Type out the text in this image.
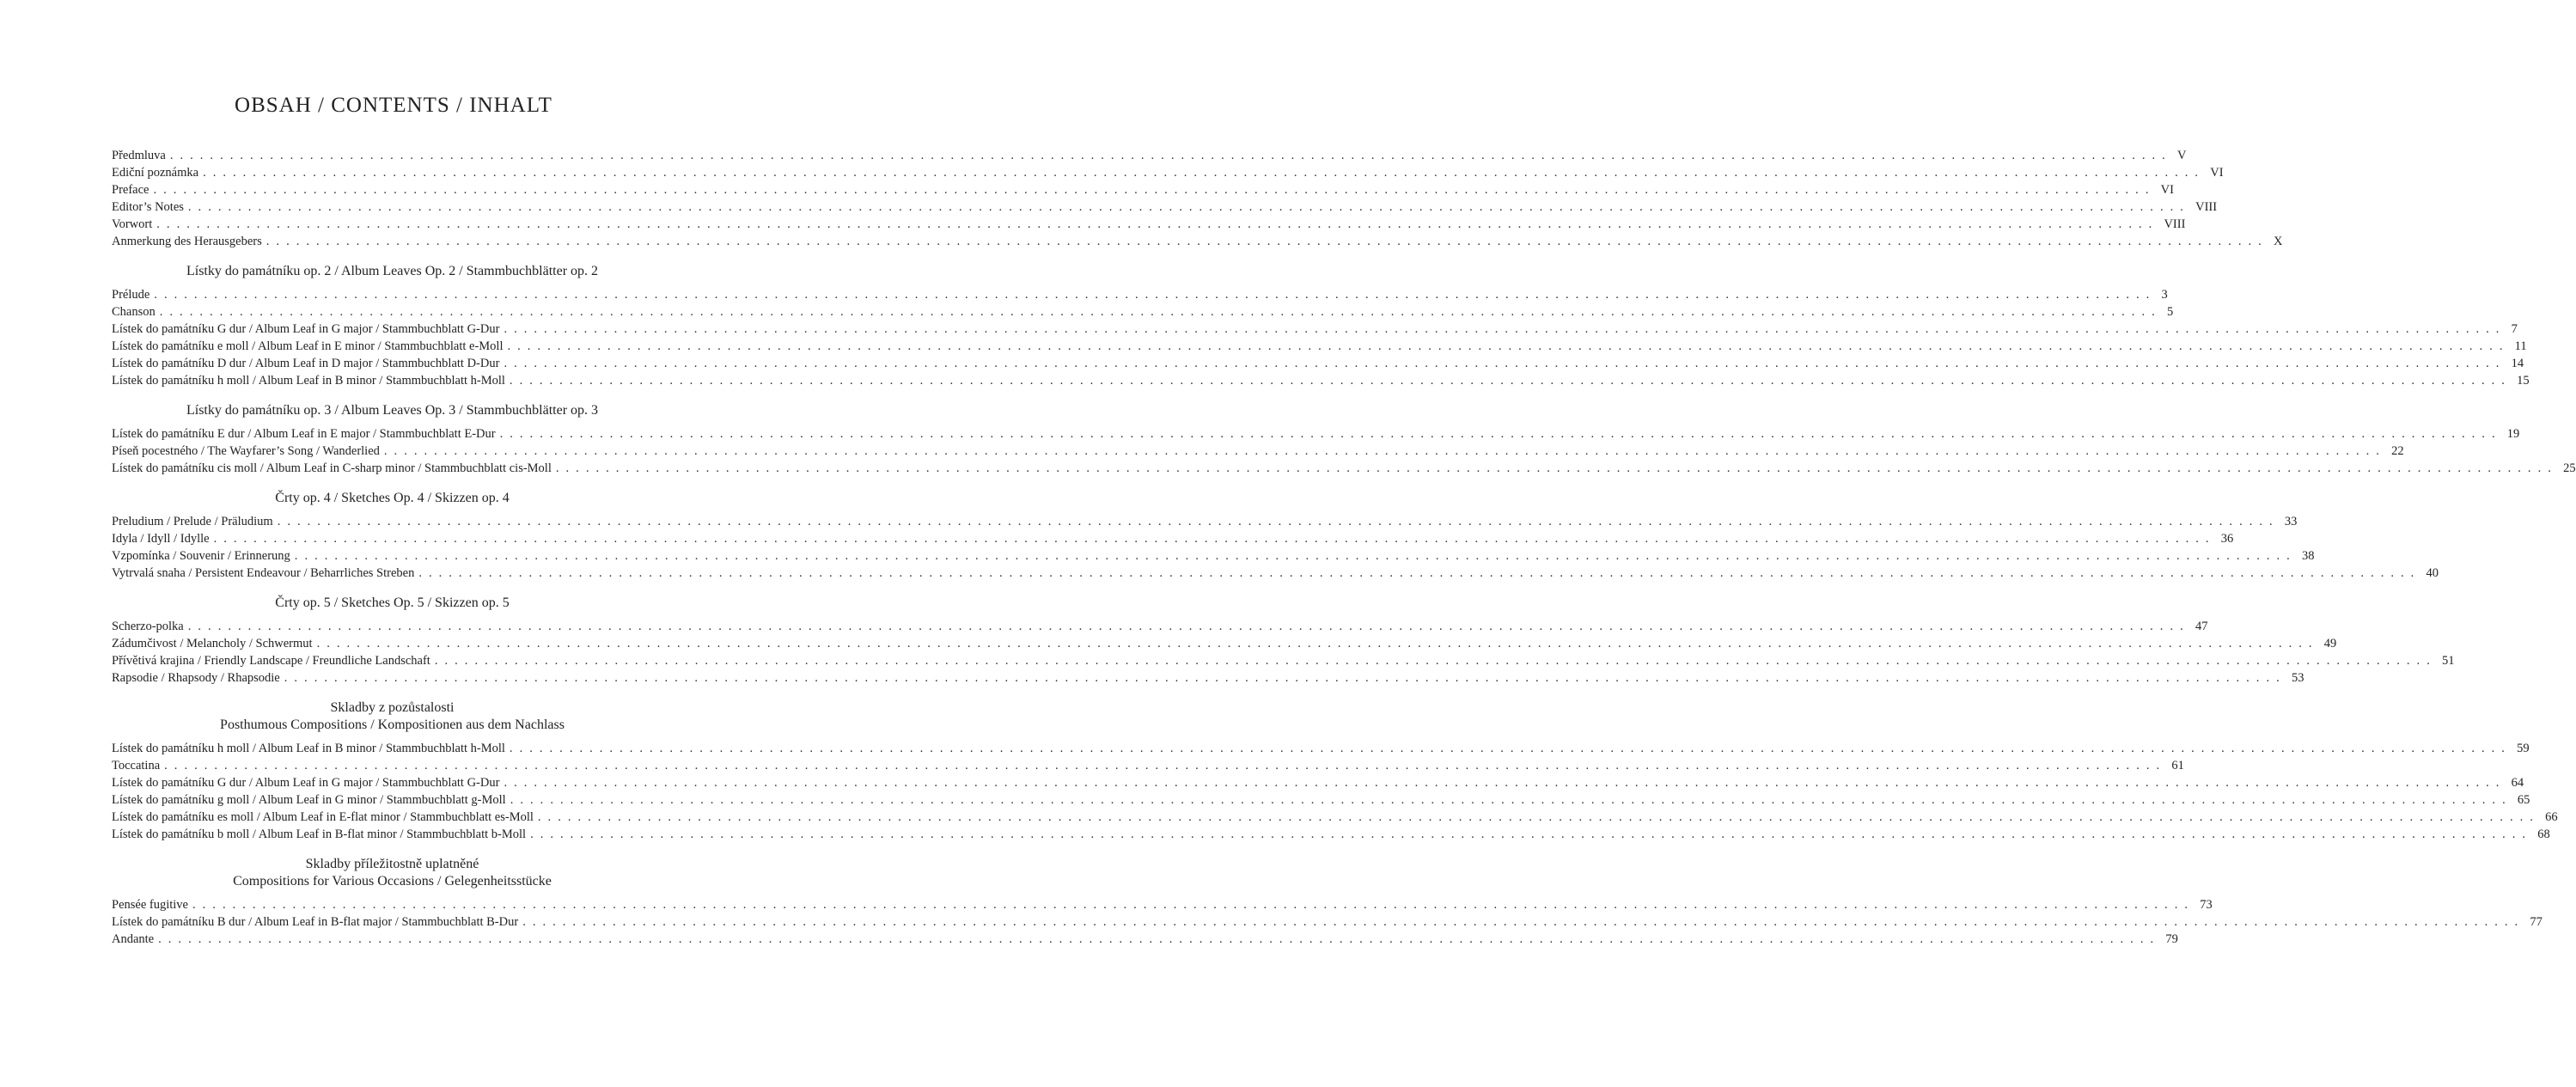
OBSAH / CONTENTS / INHALT
Předmluva . . . . . . . . . . . . . . . . . . . . . . . . . . . . . . . . . . . . . . . . . . . . . . . . . . . . . . . . . . . . . . . . . . . . . . . . . . . . . . . . . . . . . . . . . . . . . . . . . . . . . . . . . . . . . . . . . . . . . . . . . . . . . . . . . . . . . . . . . . . . . . . . . . . . . . . . . . . . . . . . . . . . . . . . . . . . . . . . . . . . . . . . . . . . . . . . . . . . . . . . V
Ediční poznámka . . . . . . . . . . . . . . . . . . . . . . . . . . . . . . . . . . . . . . . . . . . . . . . . . . . . . . . . . . . . . . . . . . . . . . . . . . . . . . . . . . . . . . . . . . . . . . . . . . . . . . . . . . . . . . . . . . . . . . . . . . . . . . . . . . . . . . . . . . . . . . . . . . . . . . . . . . . . . . . . . . . . . . . . . . . . . . . . . . . . . . . . . . . . . . . . . . . . . . . . VI
Preface . . . . . . . . . . . . . . . . . . . . . . . . . . . . . . . . . . . . . . . . . . . . . . . . . . . . . . . . . . . . . . . . . . . . . . . . . . . . . . . . . . . . . . . . . . . . . . . . . . . . . . . . . . . . . . . . . . . . . . . . . . . . . . . . . . . . . . . . . . . . . . . . . . . . . . . . . . . . . . . . . . . . . . . . . . . . . . . . . . . . . . . . . . . . . . . . . . . . . . . . VI
Editor’s Notes . . . . . . . . . . . . . . . . . . . . . . . . . . . . . . . . . . . . . . . . . . . . . . . . . . . . . . . . . . . . . . . . . . . . . . . . . . . . . . . . . . . . . . . . . . . . . . . . . . . . . . . . . . . . . . . . . . . . . . . . . . . . . . . . . . . . . . . . . . . . . . . . . . . . . . . . . . . . . . . . . . . . . . . . . . . . . . . . . . . . . . . . . . . . . . . . . . . . . . . . VIII
Vorwort . . . . . . . . . . . . . . . . . . . . . . . . . . . . . . . . . . . . . . . . . . . . . . . . . . . . . . . . . . . . . . . . . . . . . . . . . . . . . . . . . . . . . . . . . . . . . . . . . . . . . . . . . . . . . . . . . . . . . . . . . . . . . . . . . . . . . . . . . . . . . . . . . . . . . . . . . . . . . . . . . . . . . . . . . . . . . . . . . . . . . . . . . . . . . . . . . . . . . . . . VIII
Anmerkung des Herausgebers . . . . . . . . . . . . . . . . . . . . . . . . . . . . . . . . . . . . . . . . . . . . . . . . . . . . . . . . . . . . . . . . . . . . . . . . . . . . . . . . . . . . . . . . . . . . . . . . . . . . . . . . . . . . . . . . . . . . . . . . . . . . . . . . . . . . . . . . . . . . . . . . . . . . . . . . . . . . . . . . . . . . . . . . . . . . . . . . . . . . . . . . . . . . . . . . . . . . . . . . X
Lístky do památníku op. 2 / Album Leaves Op. 2 / Stammbuchblätter op. 2
Prélude . . . . . . . . . . . . . . . . . . . . . . . . . . . . . . . . . . . . . . . . . . . . . . . . . . . . . . . . . . . . . . . . . . . . . . . . . . . . . . . . . . . . . . . . . . . . . . . . . . . . . . . . . . . . . . . . . . . . . . . . . . . . . . . . . . . . . . . . . . . . . . . . . . . . . . . . . . . . . . . . . . . . . . . . . . . . . . . . . . . . . . . . . . . . . . . . . . . . . . . . 3
Chanson . . . . . . . . . . . . . . . . . . . . . . . . . . . . . . . . . . . . . . . . . . . . . . . . . . . . . . . . . . . . . . . . . . . . . . . . . . . . . . . . . . . . . . . . . . . . . . . . . . . . . . . . . . . . . . . . . . . . . . . . . . . . . . . . . . . . . . . . . . . . . . . . . . . . . . . . . . . . . . . . . . . . . . . . . . . . . . . . . . . . . . . . . . . . . . . . . . . . . . . . 5
Lístek do památníku G dur / Album Leaf in G major / Stammbuchblatt G-Dur . . . . . . . . . . . . . . . . . . . . . . . . . . . . . . . . . . . . . . . . . . . . . . . . . . . . . . . . . . . . . . . . . . . . . . . . . . . . . . . . . . . . . . . . . . . . . . . . . . . . . . . . . . . . . . . . . . . . . . . . . . . . . . . . . . . . . . . . . . . . . . . . . . . . . . . . . . . . . . . . . . . . . . . . . . . . . . . . . . . . . . . . . . . . . . . . . . . . . . . . 7
Lístek do památníku e moll / Album Leaf in E minor / Stammbuchblatt e-Moll . . . . . . . . . . . . . . . . . . . . . . . . . . . . . . . . . . . . . . . . . . . . . . . . . . . . . . . . . . . . . . . . . . . . . . . . . . . . . . . . . . . . . . . . . . . . . . . . . . . . . . . . . . . . . . . . . . . . . . . . . . . . . . . . . . . . . . . . . . . . . . . . . . . . . . . . . . . . . . . . . . . . . . . . . . . . . . . . . . . . . . . . . . . . . . . . . . . . . . . . 11
Lístek do památníku D dur / Album Leaf in D major / Stammbuchblatt D-Dur . . . . . . . . . . . . . . . . . . . . . . . . . . . . . . . . . . . . . . . . . . . . . . . . . . . . . . . . . . . . . . . . . . . . . . . . . . . . . . . . . . . . . . . . . . . . . . . . . . . . . . . . . . . . . . . . . . . . . . . . . . . . . . . . . . . . . . . . . . . . . . . . . . . . . . . . . . . . . . . . . . . . . . . . . . . . . . . . . . . . . . . . . . . . . . . . . . . . . . . . 14
Lístek do památníku h moll / Album Leaf in B minor / Stammbuchblatt h-Moll . . . . . . . . . . . . . . . . . . . . . . . . . . . . . . . . . . . . . . . . . . . . . . . . . . . . . . . . . . . . . . . . . . . . . . . . . . . . . . . . . . . . . . . . . . . . . . . . . . . . . . . . . . . . . . . . . . . . . . . . . . . . . . . . . . . . . . . . . . . . . . . . . . . . . . . . . . . . . . . . . . . . . . . . . . . . . . . . . . . . . . . . . . . . . . . . . . . . . . . . 15
Lístky do památníku op. 3 / Album Leaves Op. 3 / Stammbuchblätter op. 3
Lístek do památníku E dur / Album Leaf in E major / Stammbuchblatt E-Dur . . . . . . . . . . . . . . . . . . . . . . . . . . . . . . . . . . . . . . . . . . . . . . . . . . . . . . . . . . . . . . . . . . . . . . . . . . . . . . . . . . . . . . . . . . . . . . . . . . . . . . . . . . . . . . . . . . . . . . . . . . . . . . . . . . . . . . . . . . . . . . . . . . . . . . . . . . . . . . . . . . . . . . . . . . . . . . . . . . . . . . . . . . . . . . . . . . . . . . . . 19
Píseň pocestného / The Wayfarer’s Song / Wanderlied . . . . . . . . . . . . . . . . . . . . . . . . . . . . . . . . . . . . . . . . . . . . . . . . . . . . . . . . . . . . . . . . . . . . . . . . . . . . . . . . . . . . . . . . . . . . . . . . . . . . . . . . . . . . . . . . . . . . . . . . . . . . . . . . . . . . . . . . . . . . . . . . . . . . . . . . . . . . . . . . . . . . . . . . . . . . . . . . . . . . . . . . . . . . . . . . . . . . . . . . 22
Lístek do památníku cis moll / Album Leaf in C-sharp minor / Stammbuchblatt cis-Moll . . . . . . . . . . . . . . . . . . . . . . . . . . . . . . . . . . . . . . . . . . . . . . . . . . . . . . . . . . . . . . . . . . . . . . . . . . . . . . . . . . . . . . . . . . . . . . . . . . . . . . . . . . . . . . . . . . . . . . . . . . . . . . . . . . . . . . . . . . . . . . . . . . . . . . . . . . . . . . . . . . . . . . . . . . . . . . . . . . . . . . . . . . . . . . . . . . . . . . . . 25
Črty op. 4 / Sketches Op. 4 / Skizzen op. 4
Preludium / Prelude / Präludium . . . . . . . . . . . . . . . . . . . . . . . . . . . . . . . . . . . . . . . . . . . . . . . . . . . . . . . . . . . . . . . . . . . . . . . . . . . . . . . . . . . . . . . . . . . . . . . . . . . . . . . . . . . . . . . . . . . . . . . . . . . . . . . . . . . . . . . . . . . . . . . . . . . . . . . . . . . . . . . . . . . . . . . . . . . . . . . . . . . . . . . . . . . . . . . . . . . . . . . . 33
Idyla / Idyll / Idylle . . . . . . . . . . . . . . . . . . . . . . . . . . . . . . . . . . . . . . . . . . . . . . . . . . . . . . . . . . . . . . . . . . . . . . . . . . . . . . . . . . . . . . . . . . . . . . . . . . . . . . . . . . . . . . . . . . . . . . . . . . . . . . . . . . . . . . . . . . . . . . . . . . . . . . . . . . . . . . . . . . . . . . . . . . . . . . . . . . . . . . . . . . . . . . . . . . . . . . . . 36
Vzpomínka / Souvenir / Erinnerung . . . . . . . . . . . . . . . . . . . . . . . . . . . . . . . . . . . . . . . . . . . . . . . . . . . . . . . . . . . . . . . . . . . . . . . . . . . . . . . . . . . . . . . . . . . . . . . . . . . . . . . . . . . . . . . . . . . . . . . . . . . . . . . . . . . . . . . . . . . . . . . . . . . . . . . . . . . . . . . . . . . . . . . . . . . . . . . . . . . . . . . . . . . . . . . . . . . . . . . . 38
Vytrvalá snaha / Persistent Endeavour / Beharrliches Streben . . . . . . . . . . . . . . . . . . . . . . . . . . . . . . . . . . . . . . . . . . . . . . . . . . . . . . . . . . . . . . . . . . . . . . . . . . . . . . . . . . . . . . . . . . . . . . . . . . . . . . . . . . . . . . . . . . . . . . . . . . . . . . . . . . . . . . . . . . . . . . . . . . . . . . . . . . . . . . . . . . . . . . . . . . . . . . . . . . . . . . . . . . . . . . . . . . . . . . . . 40
Črty op. 5 / Sketches Op. 5 / Skizzen op. 5
Scherzo-polka . . . . . . . . . . . . . . . . . . . . . . . . . . . . . . . . . . . . . . . . . . . . . . . . . . . . . . . . . . . . . . . . . . . . . . . . . . . . . . . . . . . . . . . . . . . . . . . . . . . . . . . . . . . . . . . . . . . . . . . . . . . . . . . . . . . . . . . . . . . . . . . . . . . . . . . . . . . . . . . . . . . . . . . . . . . . . . . . . . . . . . . . . . . . . . . . . . . . . . . . 47
Zádumčivost / Melancholy / Schwermut . . . . . . . . . . . . . . . . . . . . . . . . . . . . . . . . . . . . . . . . . . . . . . . . . . . . . . . . . . . . . . . . . . . . . . . . . . . . . . . . . . . . . . . . . . . . . . . . . . . . . . . . . . . . . . . . . . . . . . . . . . . . . . . . . . . . . . . . . . . . . . . . . . . . . . . . . . . . . . . . . . . . . . . . . . . . . . . . . . . . . . . . . . . . . . . . . . . . . . . . 49
Přívětivá krajina / Friendly Landscape / Freundliche Landschaft . . . . . . . . . . . . . . . . . . . . . . . . . . . . . . . . . . . . . . . . . . . . . . . . . . . . . . . . . . . . . . . . . . . . . . . . . . . . . . . . . . . . . . . . . . . . . . . . . . . . . . . . . . . . . . . . . . . . . . . . . . . . . . . . . . . . . . . . . . . . . . . . . . . . . . . . . . . . . . . . . . . . . . . . . . . . . . . . . . . . . . . . . . . . . . . . . . . . . . . . 51
Rapsodie / Rhapsody / Rhapsodie . . . . . . . . . . . . . . . . . . . . . . . . . . . . . . . . . . . . . . . . . . . . . . . . . . . . . . . . . . . . . . . . . . . . . . . . . . . . . . . . . . . . . . . . . . . . . . . . . . . . . . . . . . . . . . . . . . . . . . . . . . . . . . . . . . . . . . . . . . . . . . . . . . . . . . . . . . . . . . . . . . . . . . . . . . . . . . . . . . . . . . . . . . . . . . . . . . . . . . . . 53
Skladby z pozůstalosti
Posthumous Compositions / Kompositionen aus dem Nachlass
Lístek do památníku h moll / Album Leaf in B minor / Stammbuchblatt h-Moll . . . . . . . . . . . . . . . . . . . . . . . . . . . . . . . . . . . . . . . . . . . . . . . . . . . . . . . . . . . . . . . . . . . . . . . . . . . . . . . . . . . . . . . . . . . . . . . . . . . . . . . . . . . . . . . . . . . . . . . . . . . . . . . . . . . . . . . . . . . . . . . . . . . . . . . . . . . . . . . . . . . . . . . . . . . . . . . . . . . . . . . . . . . . . . . . . . . . . . . . 59
Toccatina . . . . . . . . . . . . . . . . . . . . . . . . . . . . . . . . . . . . . . . . . . . . . . . . . . . . . . . . . . . . . . . . . . . . . . . . . . . . . . . . . . . . . . . . . . . . . . . . . . . . . . . . . . . . . . . . . . . . . . . . . . . . . . . . . . . . . . . . . . . . . . . . . . . . . . . . . . . . . . . . . . . . . . . . . . . . . . . . . . . . . . . . . . . . . . . . . . . . . . . . 61
Lístek do památníku G dur / Album Leaf in G major / Stammbuchblatt G-Dur . . . . . . . . . . . . . . . . . . . . . . . . . . . . . . . . . . . . . . . . . . . . . . . . . . . . . . . . . . . . . . . . . . . . . . . . . . . . . . . . . . . . . . . . . . . . . . . . . . . . . . . . . . . . . . . . . . . . . . . . . . . . . . . . . . . . . . . . . . . . . . . . . . . . . . . . . . . . . . . . . . . . . . . . . . . . . . . . . . . . . . . . . . . . . . . . . . . . . . . . 64
Lístek do památníku g moll / Album Leaf in G minor / Stammbuchblatt g-Moll . . . . . . . . . . . . . . . . . . . . . . . . . . . . . . . . . . . . . . . . . . . . . . . . . . . . . . . . . . . . . . . . . . . . . . . . . . . . . . . . . . . . . . . . . . . . . . . . . . . . . . . . . . . . . . . . . . . . . . . . . . . . . . . . . . . . . . . . . . . . . . . . . . . . . . . . . . . . . . . . . . . . . . . . . . . . . . . . . . . . . . . . . . . . . . . . . . . . . . . . 65
Lístek do památníku es moll / Album Leaf in E-flat minor / Stammbuchblatt es-Moll . . . . . . . . . . . . . . . . . . . . . . . . . . . . . . . . . . . . . . . . . . . . . . . . . . . . . . . . . . . . . . . . . . . . . . . . . . . . . . . . . . . . . . . . . . . . . . . . . . . . . . . . . . . . . . . . . . . . . . . . . . . . . . . . . . . . . . . . . . . . . . . . . . . . . . . . . . . . . . . . . . . . . . . . . . . . . . . . . . . . . . . . . . . . . . . . . . . . . . . . 66
Lístek do památníku b moll / Album Leaf in B-flat minor / Stammbuchblatt b-Moll . . . . . . . . . . . . . . . . . . . . . . . . . . . . . . . . . . . . . . . . . . . . . . . . . . . . . . . . . . . . . . . . . . . . . . . . . . . . . . . . . . . . . . . . . . . . . . . . . . . . . . . . . . . . . . . . . . . . . . . . . . . . . . . . . . . . . . . . . . . . . . . . . . . . . . . . . . . . . . . . . . . . . . . . . . . . . . . . . . . . . . . . . . . . . . . . . . . . . . . . 68
Skladby příležitostně uplatněné
Compositions for Various Occasions / Gelegenheitsstücke
Pensée fugitive . . . . . . . . . . . . . . . . . . . . . . . . . . . . . . . . . . . . . . . . . . . . . . . . . . . . . . . . . . . . . . . . . . . . . . . . . . . . . . . . . . . . . . . . . . . . . . . . . . . . . . . . . . . . . . . . . . . . . . . . . . . . . . . . . . . . . . . . . . . . . . . . . . . . . . . . . . . . . . . . . . . . . . . . . . . . . . . . . . . . . . . . . . . . . . . . . . . . . . . . 73
Lístek do památníku B dur / Album Leaf in B-flat major / Stammbuchblatt B-Dur . . . . . . . . . . . . . . . . . . . . . . . . . . . . . . . . . . . . . . . . . . . . . . . . . . . . . . . . . . . . . . . . . . . . . . . . . . . . . . . . . . . . . . . . . . . . . . . . . . . . . . . . . . . . . . . . . . . . . . . . . . . . . . . . . . . . . . . . . . . . . . . . . . . . . . . . . . . . . . . . . . . . . . . . . . . . . . . . . . . . . . . . . . . . . . . . . . . . . . . . 77
Andante . . . . . . . . . . . . . . . . . . . . . . . . . . . . . . . . . . . . . . . . . . . . . . . . . . . . . . . . . . . . . . . . . . . . . . . . . . . . . . . . . . . . . . . . . . . . . . . . . . . . . . . . . . . . . . . . . . . . . . . . . . . . . . . . . . . . . . . . . . . . . . . . . . . . . . . . . . . . . . . . . . . . . . . . . . . . . . . . . . . . . . . . . . . . . . . . . . . . . . . . 79
